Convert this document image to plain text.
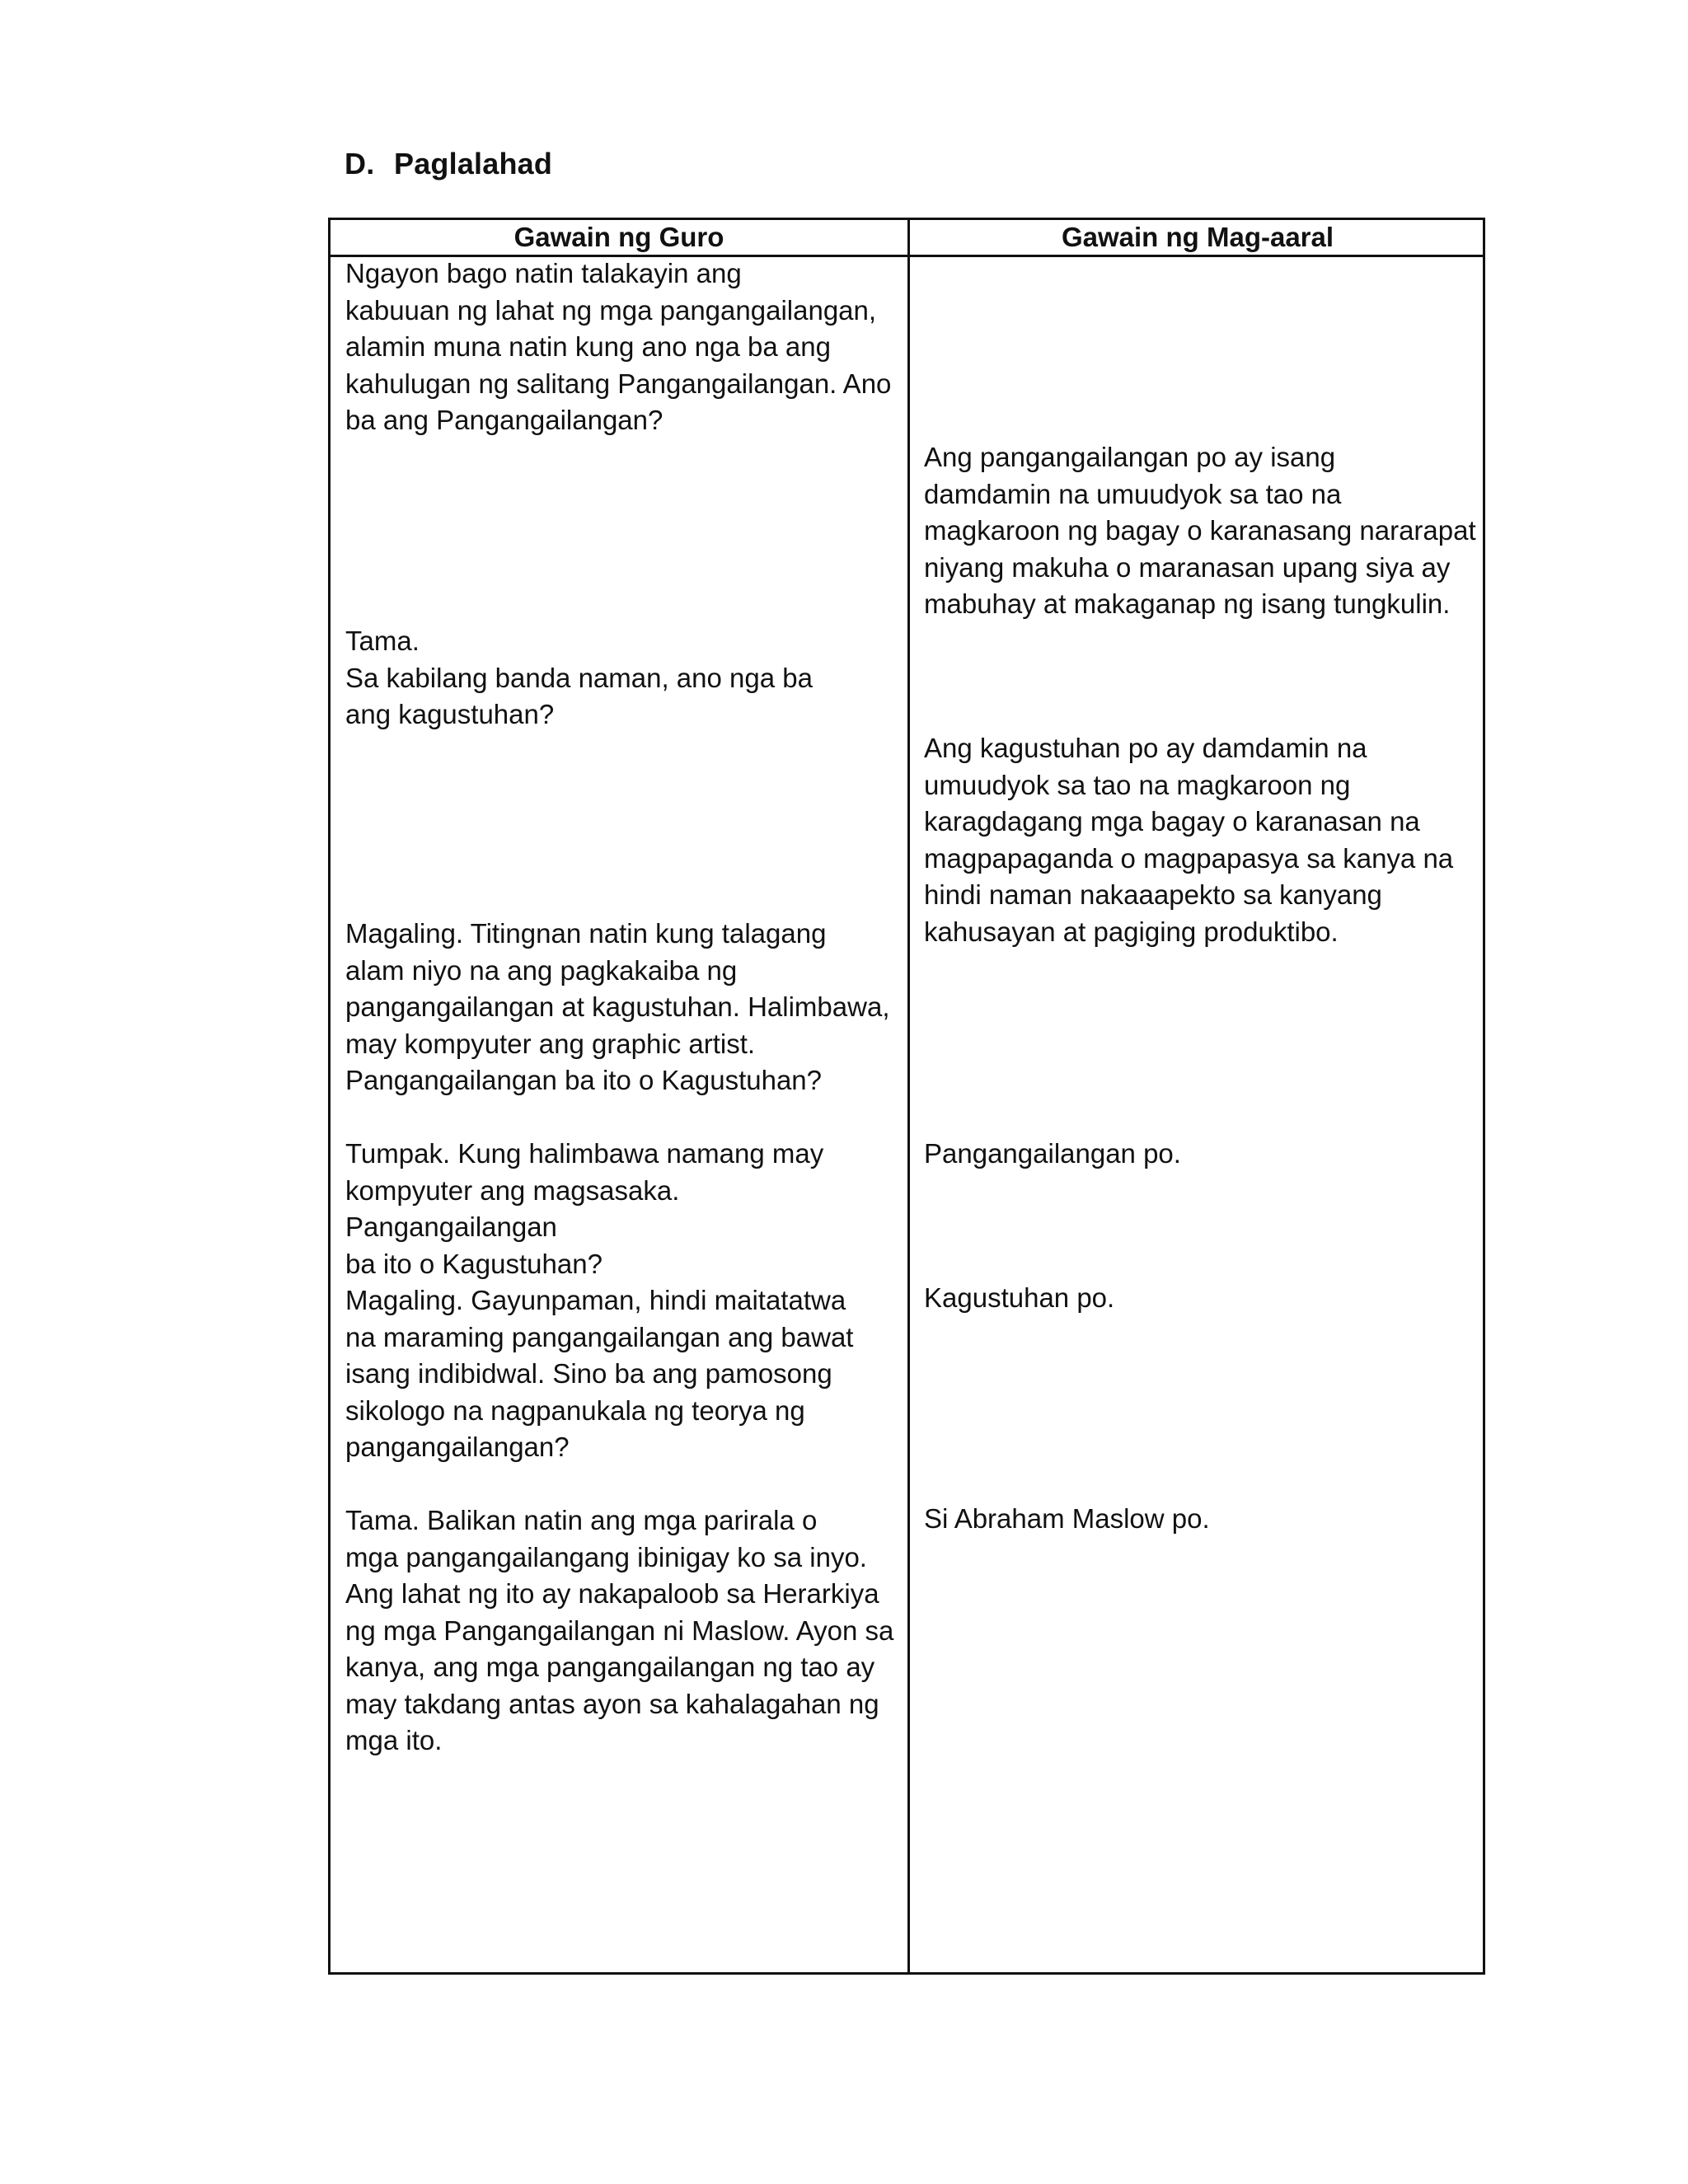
D. Paglalahad
Gawain ng Guro	Gawain ng Mag-aaral
Ngayon bago natin talakayin ang
kabuuan ng lahat ng mga pangangailangan,
alamin muna natin kung ano nga ba ang
kahulugan ng salitang Pangangailangan. Ano
ba ang Pangangailangan?
Tama.
Sa kabilang banda naman, ano nga ba
ang kagustuhan?
Magaling. Titingnan natin kung talagang
alam niyo na ang pagkakaiba ng
pangangailangan at kagustuhan. Halimbawa,
may kompyuter ang graphic artist.
Pangangailangan ba ito o Kagustuhan?
Tumpak. Kung halimbawa namang may
kompyuter ang magsasaka. Pangangailangan
ba ito o Kagustuhan?
Magaling. Gayunpaman, hindi maitatatwa
na maraming pangangailangan ang bawat
isang indibidwal. Sino ba ang pamosong
sikologo na nagpanukala ng teorya ng
pangangailangan?
Tama. Balikan natin ang mga parirala o
mga pangangailangang ibinigay ko sa inyo.
Ang lahat ng ito ay nakapaloob sa Herarkiya
ng mga Pangangailangan ni Maslow. Ayon sa
kanya, ang mga pangangailangan ng tao ay
may takdang antas ayon sa kahalagahan ng
mga ito.
Ang pangangailangan po ay isang
damdamin na umuudyok sa tao na
magkaroon ng bagay o karanasang nararapat
niyang makuha o maranasan upang siya ay
mabuhay at makaganap ng isang tungkulin.
Ang kagustuhan po ay damdamin na
umuudyok sa tao na magkaroon ng
karagdagang mga bagay o karanasan na
magpapaganda o magpapasya sa kanya na
hindi naman nakaaapekto sa kanyang
kahusayan at pagiging produktibo.
Pangangailangan po.
Kagustuhan po.
Si Abraham Maslow po.
